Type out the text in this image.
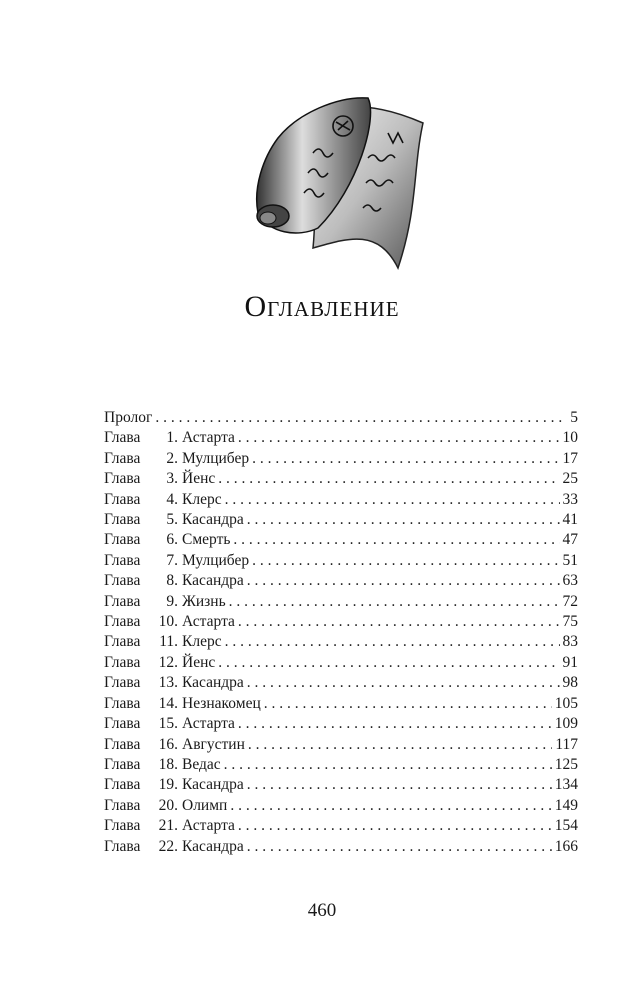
Оглавление
Пролог . . .	5
Глава 1. Астарта . . .	10
Глава 2. Мулцибер . . .	17
Глава 3. Йенс . . .	25
Глава 4. Клерс . . .	33
Глава 5. Касандра . . .	41
Глава 6. Смерть . . .	47
Глава 7. Мулцибер . . .	51
Глава 8. Касандра . . .	63
Глава 9. Жизнь . . .	72
Глава 10. Астарта . . .	75
Глава 11. Клерс . . .	83
Глава 12. Йенс . . .	91
Глава 13. Касандра . . .	98
Глава 14. Незнакомец . . .	105
Глава 15. Астарта . . .	109
Глава 16. Августин . . .	117
Глава 18. Ведас . . .	125
Глава 19. Касандра . . .	134
Глава 20. Олимп . . .	149
Глава 21. Астарта . . .	154
Глава 22. Касандра . . .	166
460
